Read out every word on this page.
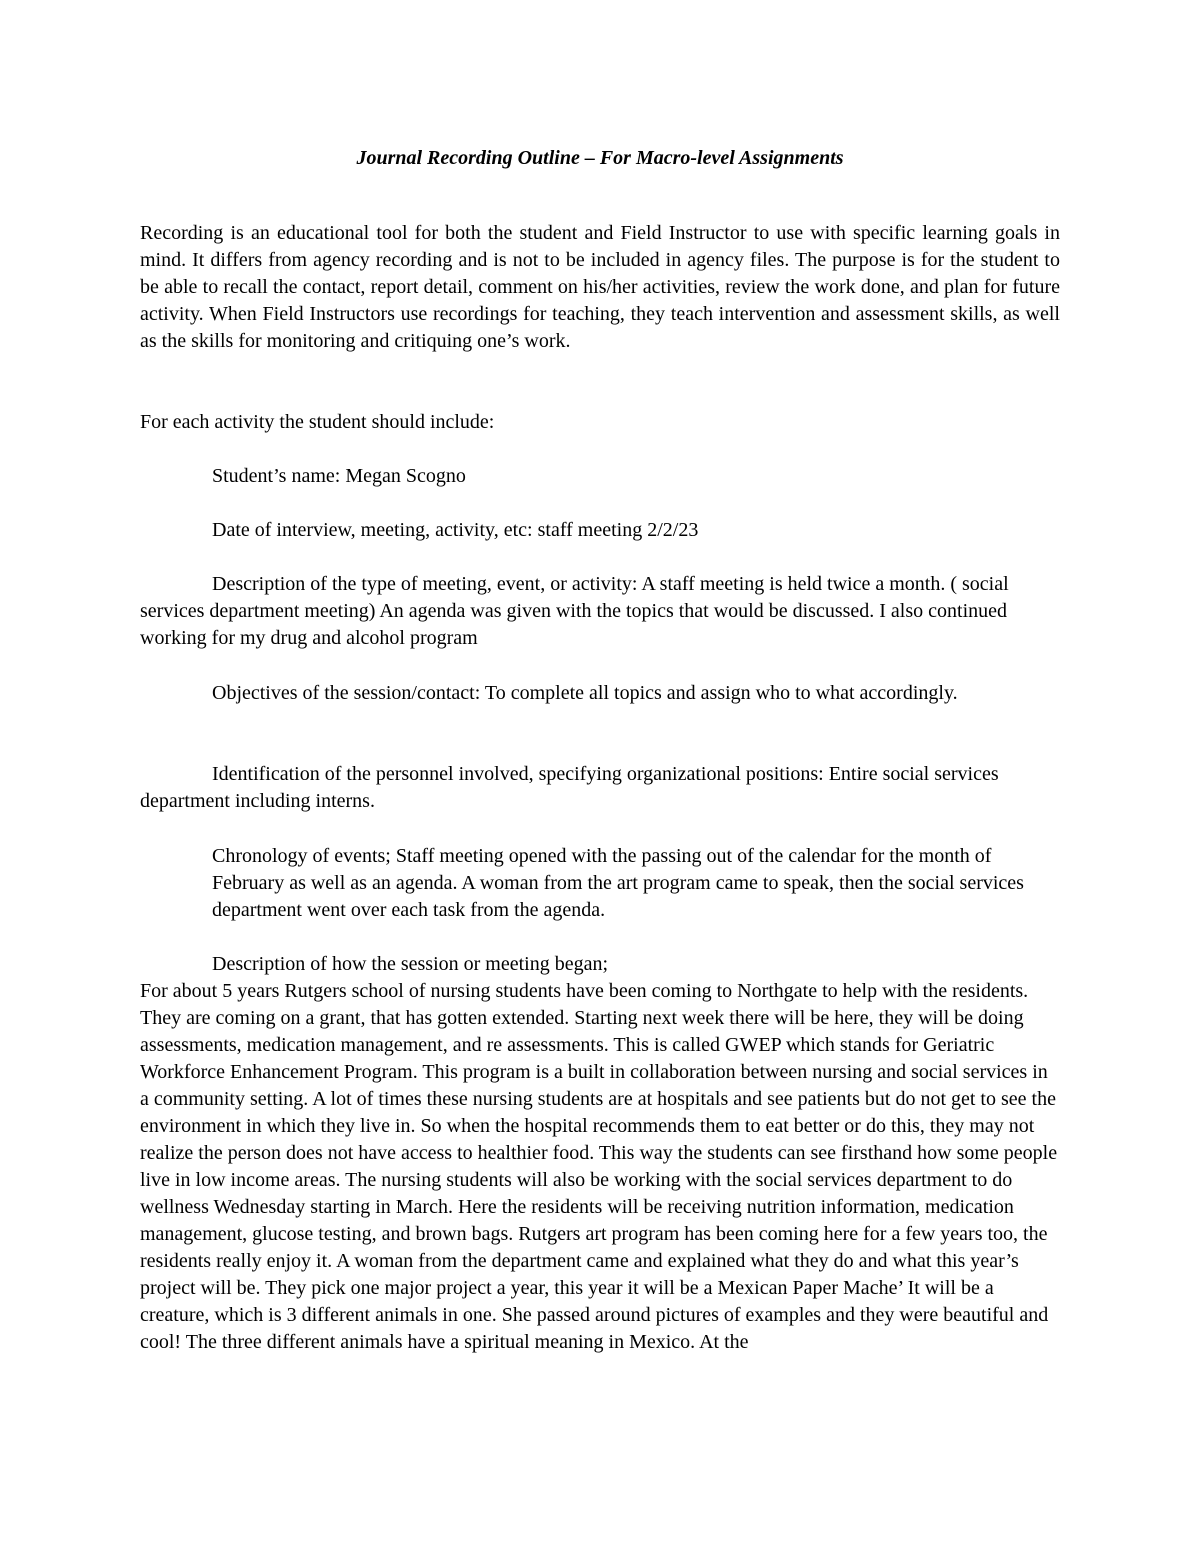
Journal Recording Outline – For Macro-level Assignments

Recording is an educational tool for both the student and Field Instructor to use with specific learning goals in mind. It differs from agency recording and is not to be included in agency files. The purpose is for the student to be able to recall the contact, report detail, comment on his/her activities, review the work done, and plan for future activity. When Field Instructors use recordings for teaching, they teach intervention and assessment skills, as well as the skills for monitoring and critiquing one’s work.

For each activity the student should include:

Student’s name: Megan Scogno

Date of interview, meeting, activity, etc: staff meeting 2/2/23

Description of the type of meeting, event, or activity: A staff meeting is held twice a month. ( social services department meeting) An agenda was given with the topics that would be discussed. I also continued working for my drug and alcohol program

Objectives of the session/contact: To complete all topics and assign who to what accordingly.

Identification of the personnel involved, specifying organizational positions: Entire social services department including interns.

Chronology of events; Staff meeting opened with the passing out of the calendar for the month of February as well as an agenda. A woman from the art program came to speak, then the social services department went over each task from the agenda.

Description of how the session or meeting began;

For about 5 years Rutgers school of nursing students have been coming to Northgate to help with the residents. They are coming on a grant, that has gotten extended. Starting next week there will be here, they will be doing assessments, medication management, and re assessments. This is called GWEP which stands for Geriatric Workforce Enhancement Program. This program is a built in collaboration between nursing and social services in a community setting. A lot of times these nursing students are at hospitals and see patients but do not get to see the environment in which they live in. So when the hospital recommends them to eat better or do this, they may not realize the person does not have access to healthier food. This way the students can see firsthand how some people live in low income areas. The nursing students will also be working with the social services department to do wellness Wednesday starting in March. Here the residents will be receiving nutrition information, medication management, glucose testing, and brown bags. Rutgers art program has been coming here for a few years too, the residents really enjoy it. A woman from the department came and explained what they do and what this year’s project will be. They pick one major project a year, this year it will be a Mexican Paper Mache’ It will be a creature, which is 3 different animals in one. She passed around pictures of examples and they were beautiful and cool! The three different animals have a spiritual meaning in Mexico. At the
